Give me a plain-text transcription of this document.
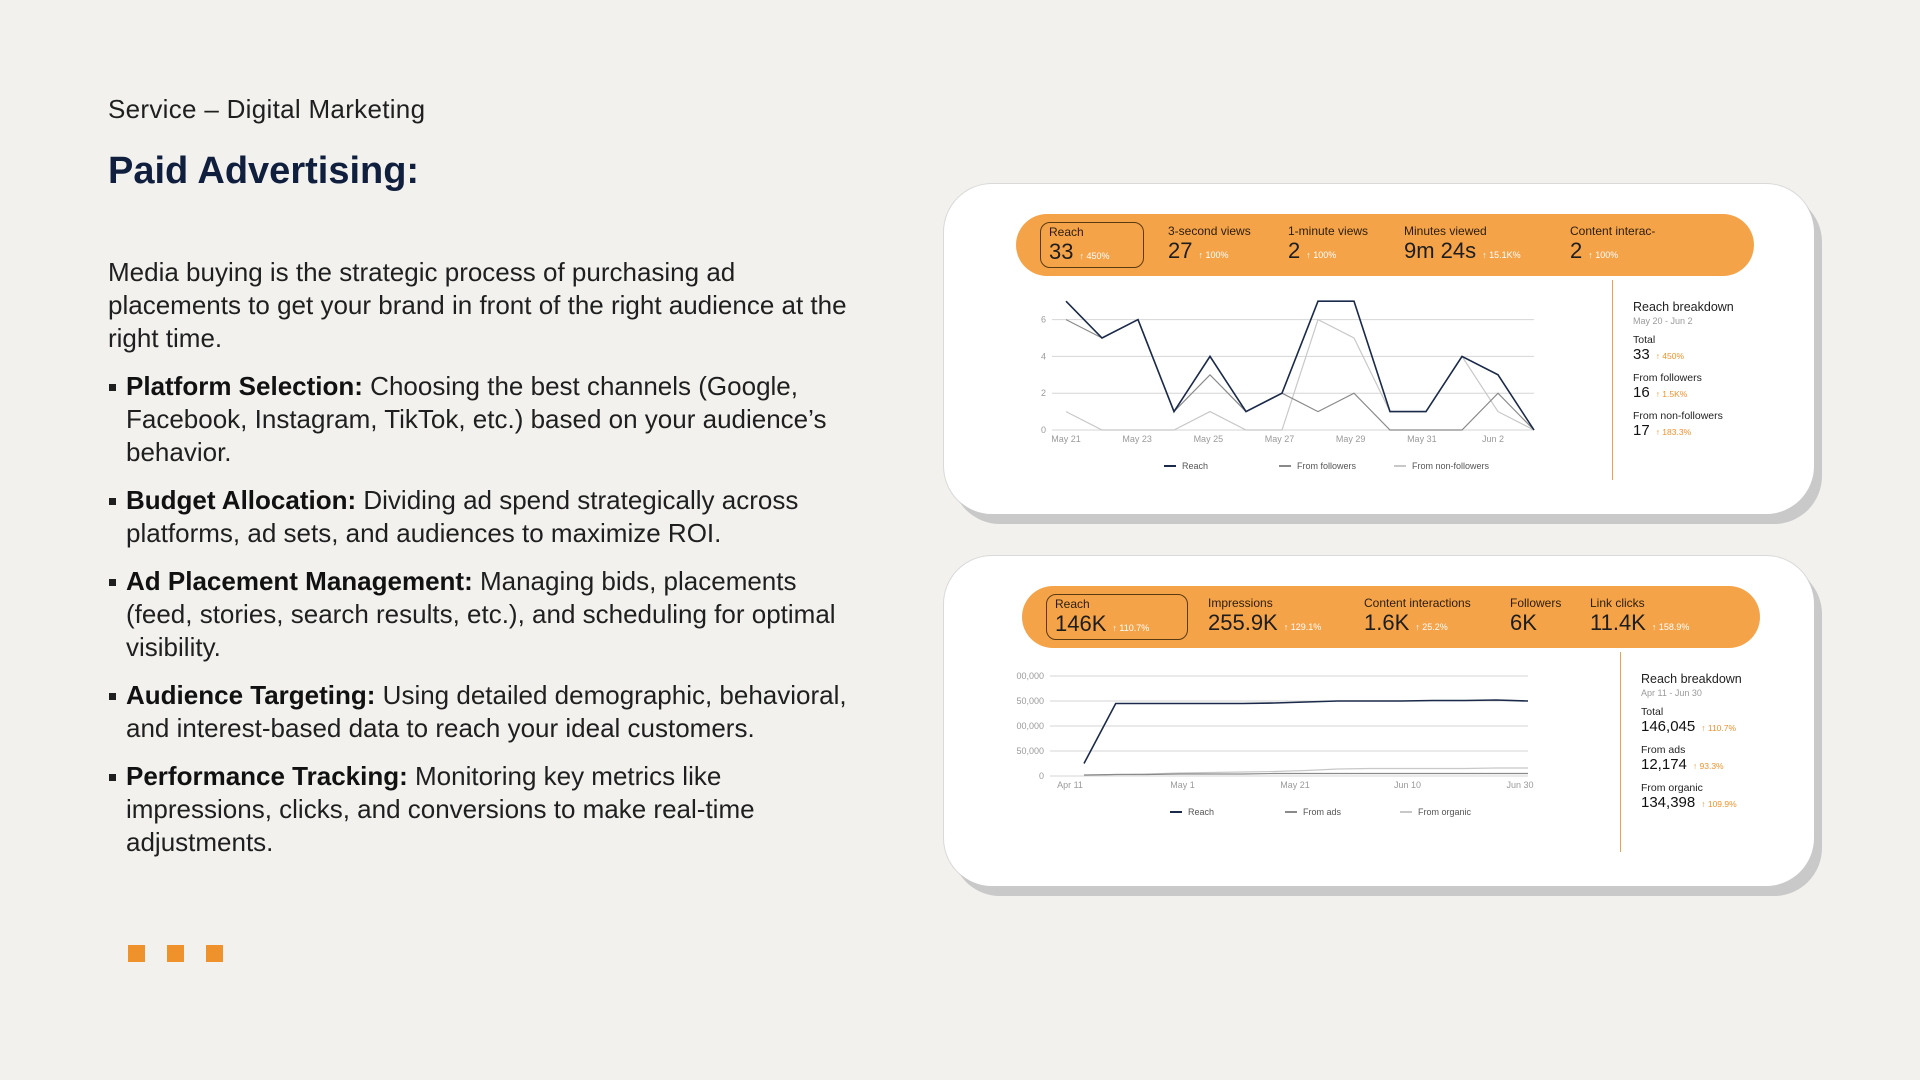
Service – Digital Marketing
Paid Advertising:

Media buying is the strategic process of purchasing ad placements to get your brand in front of the right audience at the right time.

Platform Selection: Choosing the best channels (Google, Facebook, Instagram, TikTok, etc.) based on your audience’s behavior.
Budget Allocation: Dividing ad spend strategically across platforms, ad sets, and audiences to maximize ROI.
Ad Placement Management: Managing bids, placements (feed, stories, search results, etc.), and scheduling for optimal visibility.
Audience Targeting: Using detailed demographic, behavioral, and interest-based data to reach your ideal customers.
Performance Tracking: Monitoring key metrics like impressions, clicks, and conversions to make real-time adjustments.
Reach
33 ↑ 450%
3-second views
27 ↑ 100%
1-minute views
2 ↑ 100%
Minutes viewed
9m 24s ↑ 15.1K%
Content interac-
2 ↑ 100%
0
2
4
6
May 21	May 23	May 25	May 27	May 29	May 31	Jun 2
Reach	From followers	From non-followers
Reach breakdown
May 20 - Jun 2
Total
33 ↑ 450%
From followers
16 ↑ 1.5K%
From non-followers
17 ↑ 183.3%
Reach
146K ↑ 110.7%
Impressions
255.9K ↑ 129.1%
Content interactions
1.6K ↑ 25.2%
Followers
6K
Link clicks
11.4K ↑ 158.9%
0
50,000
00,000
50,000
00,000
Apr 11	May 1	May 21	Jun 10	Jun 30
Reach	From ads	From organic
Reach breakdown
Apr 11 - Jun 30
Total
146,045 ↑ 110.7%
From ads
12,174 ↑ 93.3%
From organic
134,398 ↑ 109.9%
